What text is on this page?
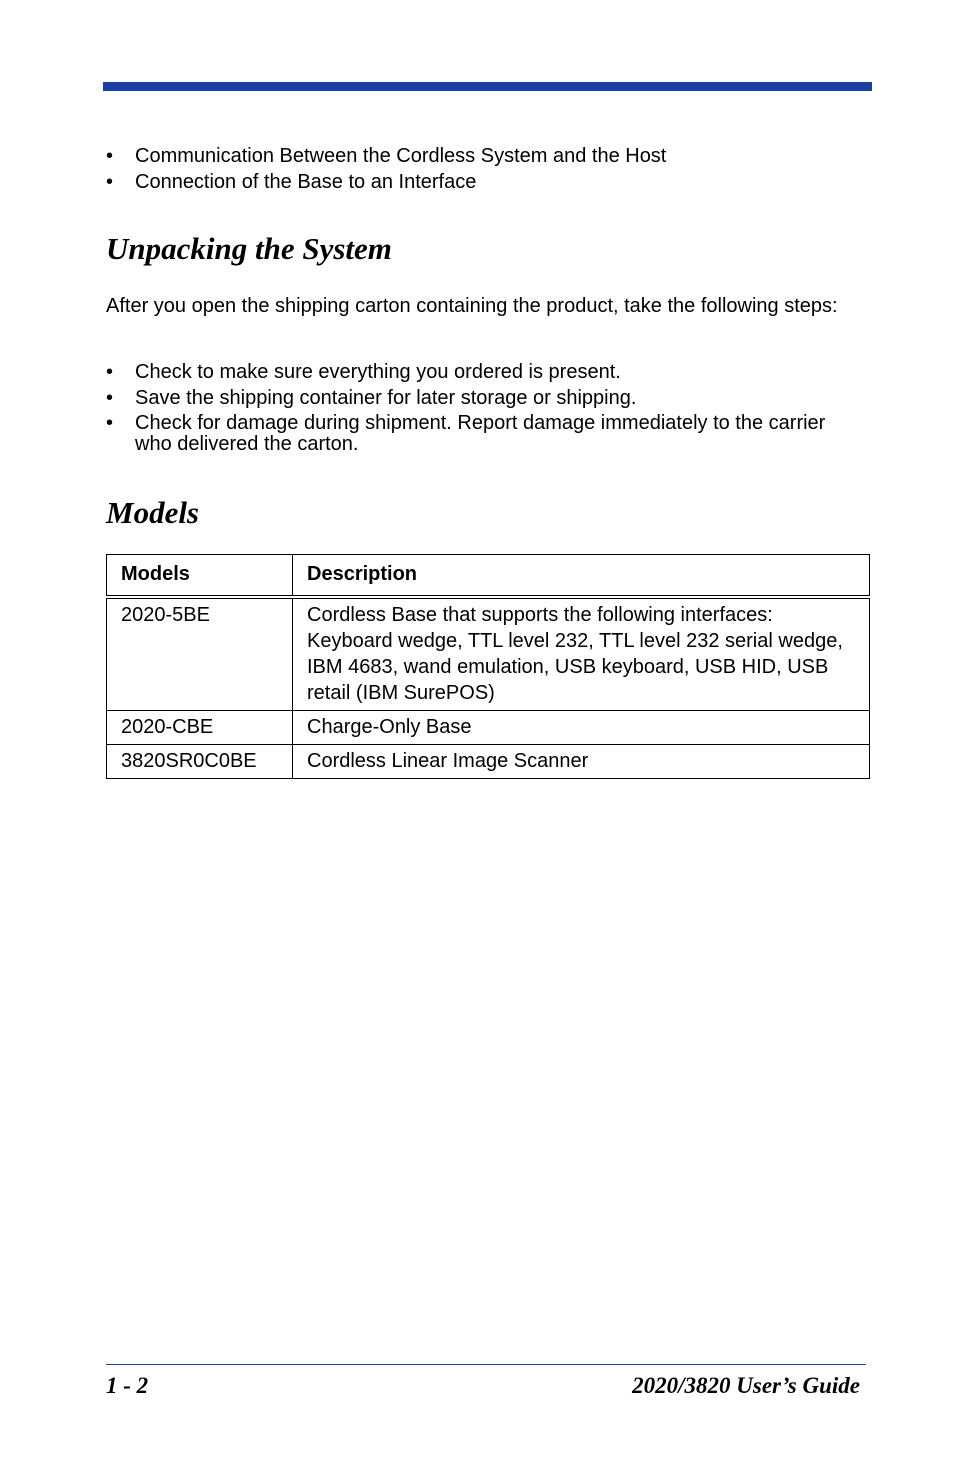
• Communication Between the Cordless System and the Host
• Connection of the Base to an Interface
Unpacking the System

After you open the shipping carton containing the product, take the following steps:

• Check to make sure everything you ordered is present.
• Save the shipping container for later storage or shipping.
• Check for damage during shipment. Report damage immediately to the carrier who delivered the carton.
Models
Models	Description
2020-5BE	Cordless Base that supports the following interfaces: Keyboard wedge, TTL level 232, TTL level 232 serial wedge, IBM 4683, wand emulation, USB keyboard, USB HID, USB retail (IBM SurePOS)
2020-CBE	Charge-Only Base
3820SR0C0BE	Cordless Linear Image Scanner
1 - 2	2020/3820 User’s Guide
